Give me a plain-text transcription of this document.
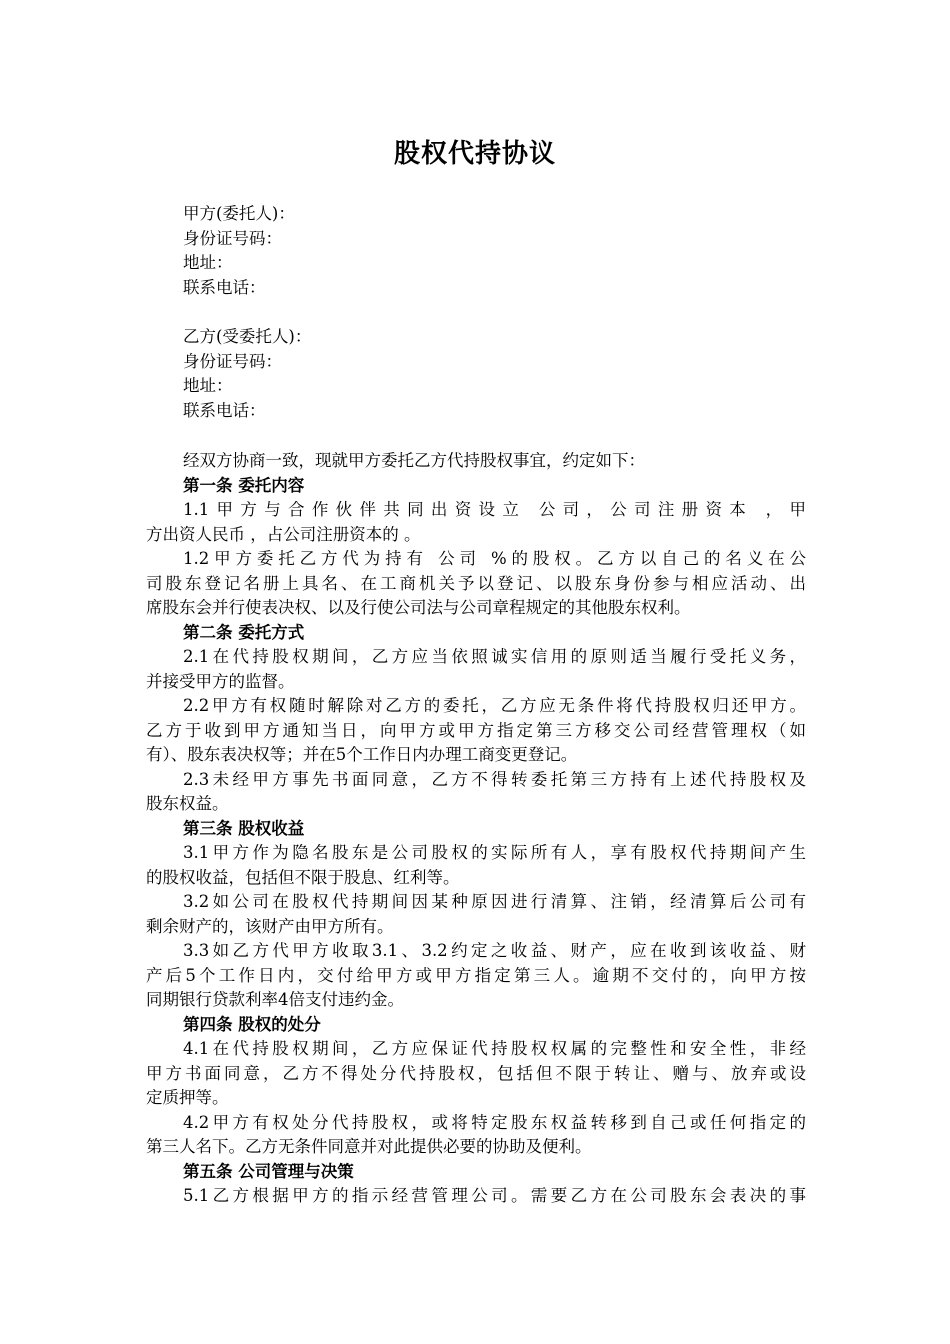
股权代持协议
甲方(委托人)：
身份证号码：
地址：
联系电话：
乙方(受委托人)：
身份证号码：
地址：
联系电话：
经双方协商一致，现就甲方委托乙方代持股权事宜，约定如下：
第一条 委托内容
1.1甲方与合作伙伴共同出资设立 公司，公司注册资本 ，甲
方出资人民币 ，占公司注册资本的 。
1.2甲方委托乙方代为持有 公司 %的股权。乙方以自己的名义在公
司股东登记名册上具名、在工商机关予以登记、以股东身份参与相应活动、出
席股东会并行使表决权、以及行使公司法与公司章程规定的其他股东权利。
第二条 委托方式
2.1在代持股权期间，乙方应当依照诚实信用的原则适当履行受托义务，
并接受甲方的监督。
2.2甲方有权随时解除对乙方的委托，乙方应无条件将代持股权归还甲方。
乙方于收到甲方通知当日，向甲方或甲方指定第三方移交公司经营管理权（如
有）、股东表决权等；并在5个工作日内办理工商变更登记。
2.3未经甲方事先书面同意，乙方不得转委托第三方持有上述代持股权及
股东权益。
第三条 股权收益
3.1甲方作为隐名股东是公司股权的实际所有人，享有股权代持期间产生
的股权收益，包括但不限于股息、红利等。
3.2如公司在股权代持期间因某种原因进行清算、注销，经清算后公司有
剩余财产的，该财产由甲方所有。
3.3如乙方代甲方收取3.1、3.2约定之收益、财产，应在收到该收益、财
产后5个工作日内，交付给甲方或甲方指定第三人。逾期不交付的，向甲方按
同期银行贷款利率4倍支付违约金。
第四条 股权的处分
4.1在代持股权期间，乙方应保证代持股权权属的完整性和安全性，非经
甲方书面同意，乙方不得处分代持股权，包括但不限于转让、赠与、放弃或设
定质押等。
4.2甲方有权处分代持股权，或将特定股东权益转移到自己或任何指定的
第三人名下。乙方无条件同意并对此提供必要的协助及便利。
第五条 公司管理与决策
5.1乙方根据甲方的指示经营管理公司。需要乙方在公司股东会表决的事
